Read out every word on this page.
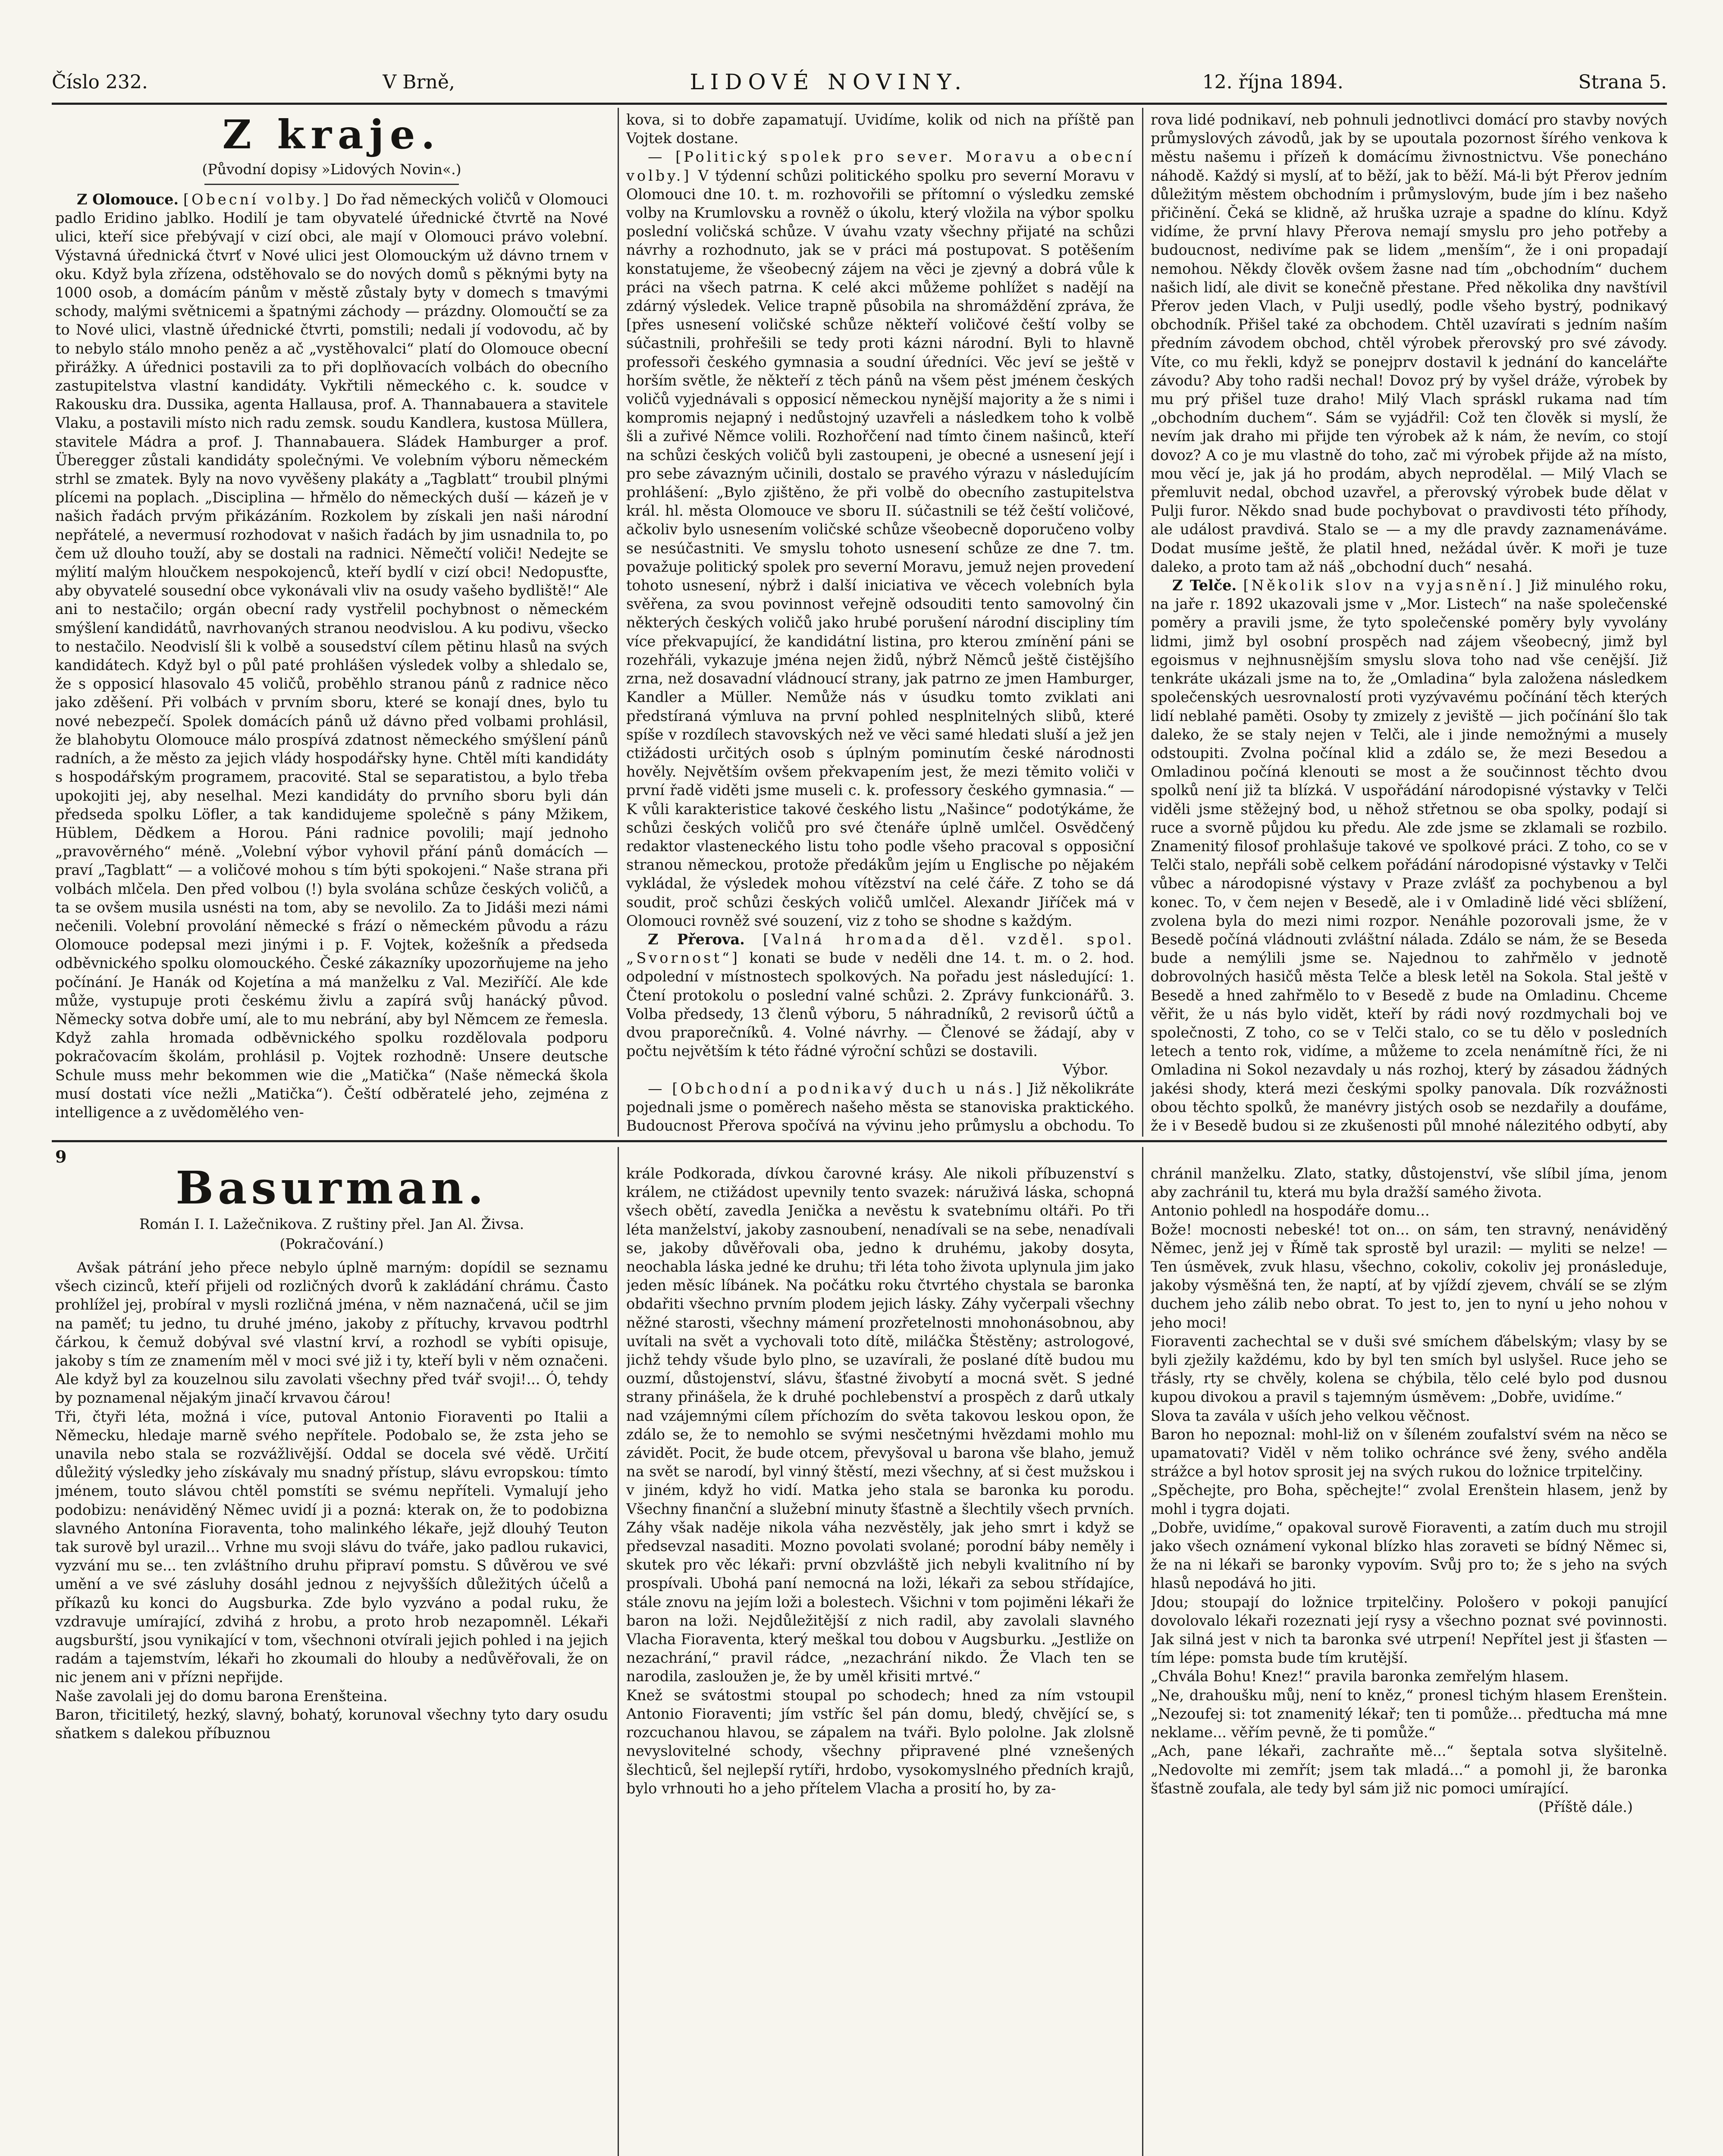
Číslo 232.	V Brně,	LIDOVÉ NOVINY.	12. října 1894.	Strana 5.
Z kraje.
(Původní dopisy »Lidových Novin«.)

Z Olomouce. [Obecní volby.] Do řad německých voličů v Olomouci padlo Eridino jablko. Hodilí je tam obyvatelé úřednické čtvrtě na Nové ulici, kteří sice přebývají v cizí obci, ale mají v Olomouci právo volební. Výstavná úřednická čtvrť v Nové ulici jest Olomouckým už dávno trnem v oku. Když byla zřízena, odstěhovalo se do nových domů s pěknými byty na 1000 osob, a domácím pánům v městě zůstaly byty v domech s tmavými schody, malými světnicemi a špatnými záchody — prázdny. Olomoučtí se za to Nové ulici, vlastně úřednické čtvrti, pomstili; nedali jí vodovodu, ač by to nebylo stálo mnoho peněz a ač „vystěhovalci“ platí do Olomouce obecní přirážky. A úřednici postavili za to při doplňovacích volbách do obecního zastupitelstva vlastní kandidáty. Vykřtili německého c. k. soudce v Rakousku dra. Dussika, agenta Hallausa, prof. A. Thannabauera a stavitele Vlaku, a postavili místo nich radu zemsk. soudu Kandlera, kustosa Müllera, stavitele Mádra a prof. J. Thannabauera. Sládek Hamburger a prof. Überegger zůstali kandidáty společnými. Ve volebním výboru německém strhl se zmatek. Byly na novo vyvěšeny plakáty a „Tagblatt“ troubil plnými plícemi na poplach. „Disciplina — hřmělo do německých duší — kázeň je v našich řadách prvým přikázáním. Rozkolem by získali jen naši národní nepřátelé, a nevermusí rozhodovat v našich řadách by jim usnadnila to, po čem už dlouho touží, aby se dostali na radnici. Němečtí voliči! Nedejte se mýlití malým hloučkem nespokojenců, kteří bydlí v cizí obci! Nedopusťte, aby obyvatelé sousední obce vykonávali vliv na osudy vašeho bydliště!“ Ale ani to nestačilo; orgán obecní rady vystřelil pochybnost o německém smýšlení kandidátů, navrhovaných stranou neodvislou. A ku podivu, všecko to nestačilo. Neodvislí šli k volbě a sousedství cílem pětinu hlasů na svých kandidátech. Když byl o půl paté prohlášen výsledek volby a shledalo se, že s opposicí hlasovalo 45 voličů, proběhlo stranou pánů z radnice něco jako zděšení. Při volbách v prvním sboru, které se konají dnes, bylo tu nové nebezpečí. Spolek domácích pánů už dávno před volbami prohlásil, že blahobytu Olomouce málo prospívá zdatnost německého smýšlení pánů radních, a že město za jejich vlády hospodářsky hyne. Chtěl míti kandidáty s hospodářským programem, pracovité. Stal se separatistou, a bylo třeba upokojiti jej, aby neselhal. Mezi kandidáty do prvního sboru byli dán předseda spolku Löfler, a tak kandidujeme společně s pány Mžikem, Hüblem, Dědkem a Horou. Páni radnice povolili; mají jednoho „pravověrného“ méně. „Volební výbor vyhovil přání pánů domácích — praví „Tagblatt“ — a voličové mohou s tím býti spokojeni.“ Naše strana při volbách mlčela. Den před volbou (!) byla svolána schůze českých voličů, a ta se ovšem musila usnésti na tom, aby se nevolilo. Za to Jidáši mezi námi nečenili. Volební provolání německé s frází o německém původu a rázu Olomouce podepsal mezi jinými i p. F. Vojtek, kožešník a předseda odběvnického spolku olomouckého. České zákazníky upozorňujeme na jeho počínání. Je Hanák od Kojetína a má manželku z Val. Meziříčí. Ale kde může, vystupuje proti českému živlu a zapírá svůj hanácký původ. Německy sotva dobře umí, ale to mu nebrání, aby byl Němcem ze řemesla. Když zahla hromada odběvnického spolku rozdělovala podporu pokračovacím školám, prohlásil p. Vojtek rozhodně: Unsere deutsche Schule muss mehr bekommen wie die „Matička“ (Naše německá škola musí dostati více nežli „Matička“). Čeští odběratelé jeho, zejména z intelligence a z uvědomělého ven-

kova, si to dobře zapamatují. Uvidíme, kolik od nich na příště pan Vojtek dostane.

— [Politický spolek pro sever. Moravu a obecní volby.] V týdenní schůzi politického spolku pro severní Moravu v Olomouci dne 10. t. m. rozhovořili se přítomní o výsledku zemské volby na Krumlovsku a rovněž o úkolu, který vložila na výbor spolku poslední voličská schůze. V úvahu vzaty všechny přijaté na schůzi návrhy a rozhodnuto, jak se v práci má postupovat. S potěšením konstatujeme, že všeobecný zájem na věci je zjevný a dobrá vůle k práci na všech patrna. K celé akci můžeme pohlížet s nadějí na zdárný výsledek. Velice trapně působila na shromáždění zpráva, že [přes usnesení voličské schůze někteří voličové čeští volby se súčastnili, prohřešili se tedy proti kázni národní. Byli to hlavně professoři českého gymnasia a soudní úředníci. Věc jeví se ještě v horším světle, že někteří z těch pánů na všem pěst jménem českých voličů vyjednávali s opposicí německou nynější majority a že s nimi i kompromis nejapný i nedůstojný uzavřeli a následkem toho k volbě šli a zuřivé Němce volili. Rozhořčení nad tímto činem našinců, kteří na schůzi českých voličů byli zastoupeni, je obecné a usnesení její i pro sebe závazným učinili, dostalo se pravého výrazu v následujícím prohlášení: „Bylo zjištěno, že při volbě do obecního zastupitelstva král. hl. města Olomouce ve sboru II. súčastnili se též čeští voličové, ačkoliv bylo usnesením voličské schůze všeobecně doporučeno volby se nesúčastniti. Ve smyslu tohoto usnesení schůze ze dne 7. tm. považuje politický spolek pro severní Moravu, jemuž nejen provedení tohoto usnesení, nýbrž i další iniciativa ve věcech volebních byla svěřena, za svou povinnost veřejně odsouditi tento samovolný čin některých českých voličů jako hrubé porušení národní discipliny tím více překvapující, že kandidátní listina, pro kterou zmínění páni se rozehřáli, vykazuje jména nejen židů, nýbrž Němců ještě čistějšího zrna, než dosavadní vládnoucí strany, jak patrno ze jmen Hamburger, Kandler a Müller. Nemůže nás v úsudku tomto zviklati ani předstíraná výmluva na první pohled nesplnitelných slibů, které spíše v rozdílech stavovských než ve věci samé hledati sluší a jež jen ctižádosti určitých osob s úplným pominutím české národnosti hověly. Největším ovšem překvapením jest, že mezi těmito voliči v první řadě viděti jsme museli c. k. professory českého gymnasia.“ — K vůli karakteristice takové českého listu „Našince“ podotýkáme, že schůzi českých voličů pro své čtenáře úplně umlčel. Osvědčený redaktor vlasteneckého listu toho podle všeho pracoval s opposiční stranou německou, protože předákům jejím u Englische po nějakém vykládal, že výsledek mohou vítězství na celé čáře. Z toho se dá soudit, proč schůzi českých voličů umlčel. Alexandr Jiříček má v Olomouci rovněž své souzení, viz z toho se shodne s každým.

Z Přerova. [Valná hromada děl. vzděl. spol. „Svornost“] konati se bude v neděli dne 14. t. m. o 2. hod. odpolední v místnostech spolkových. Na pořadu jest následující: 1. Čtení protokolu o poslední valné schůzi. 2. Zprávy funkcionářů. 3. Volba předsedy, 13 členů výboru, 5 náhradníků, 2 revisorů účtů a dvou praporečníků. 4. Volné návrhy. — Členové se žádají, aby v počtu největším k této řádné výroční schůzi se dostavili.

Výbor.

— [Obchodní a podnikavý duch u nás.] Již několikráte pojednali jsme o poměrech našeho města se stanoviska praktického. Budoucnost Přerova spočívá na vývinu jeho průmyslu a obchodu. To

rova lidé podnikaví, neb pohnuli jednotlivci domácí pro stavby nových průmyslových závodů, jak by se upoutala pozornost šírého venkova k městu našemu i přízeň k domácímu živnostnictvu. Vše ponecháno náhodě. Každý si myslí, ať to běží, jak to běží. Má-li být Přerov jedním důležitým městem obchodním i průmyslovým, bude jím i bez našeho přičinění. Čeká se klidně, až hruška uzraje a spadne do klínu. Když vidíme, že první hlavy Přerova nemají smyslu pro jeho potřeby a budoucnost, nedivíme pak se lidem „menším“, že i oni propadají nemohou. Někdy člověk ovšem žasne nad tím „obchodním“ duchem našich lidí, ale divit se konečně přestane. Před několika dny navštívil Přerov jeden Vlach, v Pulji usedlý, podle všeho bystrý, podnikavý obchodník. Přišel také za obchodem. Chtěl uzavírati s jedním naším předním závodem obchod, chtěl výrobek přerovský pro své závody. Víte, co mu řekli, když se ponejprv dostavil k jednání do kancelářte závodu? Aby toho radši nechal! Dovoz prý by vyšel dráže, výrobek by mu prý přišel tuze draho! Milý Vlach spráskl rukama nad tím „obchodním duchem“. Sám se vyjádřil: Což ten člověk si myslí, že nevím jak draho mi přijde ten výrobek až k nám, že nevím, co stojí dovoz? A co je mu vlastně do toho, zač mi výrobek přijde až na místo, mou věcí je, jak já ho prodám, abych neprodělal. — Milý Vlach se přemluvit nedal, obchod uzavřel, a přerovský výrobek bude dělat v Pulji furor. Někdo snad bude pochybovat o pravdivosti této příhody, ale událost pravdivá. Stalo se — a my dle pravdy zaznamenáváme. Dodat musíme ještě, že platil hned, nežádal úvěr. K moři je tuze daleko, a proto tam až náš „obchodní duch“ nesahá.

Z Telče. [Několik slov na vyjasnění.] Již minulého roku, na jaře r. 1892 ukazovali jsme v „Mor. Listech“ na naše společenské poměry a pravili jsme, že tyto společenské poměry byly vyvolány lidmi, jimž byl osobní prospěch nad zájem všeobecný, jimž byl egoismus v nejhnusnějším smyslu slova toho nad vše cenější. Již tenkráte ukázali jsme na to, že „Omladina“ byla založena následkem společenských uesrovnalostí proti vyzývavému počínání těch kterých lidí neblahé paměti. Osoby ty zmizely z jeviště — jich počínání šlo tak daleko, že se staly nejen v Telči, ale i jinde nemožnými a musely odstoupiti. Zvolna počínal klid a zdálo se, že mezi Besedou a Omladinou počíná klenouti se most a že součinnost těchto dvou spolků není již ta blízká. V uspořádání národopisné výstavky v Telči viděli jsme stěžejný bod, u něhož střetnou se oba spolky, podají si ruce a svorně půjdou ku předu. Ale zde jsme se zklamali se rozbilo. Znamenitý filosof prohlašuje takové ve spolkové práci. Z toho, co se v Telči stalo, nepřáli sobě celkem pořádání národopisné výstavky v Telči vůbec a národopisné výstavy v Praze zvlášť za pochybenou a byl konec. To, v čem nejen v Besedě, ale i v Omladině lidé věci sblížení, zvolena byla do mezi nimi rozpor. Nenáhle pozorovali jsme, že v Besedě počíná vládnouti zvláštní nálada. Zdálo se nám, že se Beseda bude a nemýlili jsme se. Najednou to zahřmělo v jednotě dobrovolných hasičů města Telče a blesk letěl na Sokola. Stal ještě v Besedě a hned zahřmělo to v Besedě z bude na Omladinu. Chceme věřit, že u nás bylo vidět, kteří by rádi nový rozdmychali boj ve společnosti, Z toho, co se v Telči stalo, co se tu dělo v posledních letech a tento rok, vidíme, a můžeme to zcela nenámítně říci, že ni Omladina ni Sokol nezavdaly u nás rozhoj, který by zásadou žádných jakési shody, která mezi českými spolky panovala. Dík rozvážnosti obou těchto spolků, že manévry jistých osob se nezdařily a doufáme, že i v Besedě budou si ze zkušenosti půl mnohé nálezitého odbytí, aby

9
Basurman.
Román I. I. Lažečnikova. Z ruštiny přel. Jan Al. Živsa.
(Pokračování.)

Avšak pátrání jeho přece nebylo úplně marným: dopídil se seznamu všech cizinců, kteří přijeli od rozličných dvorů k zakládání chrámu. Často prohlížel jej, probíral v mysli rozličná jména, v něm naznačená, učil se jim na paměť; tu jedno, tu druhé jméno, jakoby z přítuchy, krvavou podtrhl čárkou, k čemuž dobýval své vlastní krví, a rozhodl se vybíti opisuje, jakoby s tím ze znamením měl v moci své již i ty, kteří byli v něm označeni. Ale když byl za kouzelnou silu zavolati všechny před tvář svoji!... Ó, tehdy by poznamenal nějakým jinačí krvavou čárou!
Tři, čtyři léta, možná i více, putoval Antonio Fioraventi po Italii a Německu, hledaje marně svého nepřítele. Podobalo se, že zsta jeho se unavila nebo stala se rozvážlivější. Oddal se docela své vědě. Určití důležitý výsledky jeho získávaly mu snadný přístup, slávu evropskou: tímto jménem, touto slávou chtěl pomstíti se svému nepříteli. Vymalují jeho podobizu: nenáviděný Němec uvidí ji a pozná: kterak on, že to podobizna slavného Antonína Fioraventa, toho malinkého lékaře, jejž dlouhý Teuton tak surově byl urazil... Vrhne mu svoji slávu do tváře, jako padlou rukavici, vyzvání mu se... ten zvláštního druhu připraví pomstu. S důvěrou ve své umění a ve své zásluhy dosáhl jednou z nejvyšších důležitých účelů a příkazů ku konci do Augsburka. Zde bylo vyzváno a podal ruku, že vzdravuje umírající, zdvihá z hrobu, a proto hrob nezapomněl. Lékaři augsburští, jsou vynikající v tom, všechnoni otvírali jejich pohled i na jejich radám a tajemstvím, lékaři ho zkoumali do hlouby a nedůvěřovali, že on nic jenem ani v přízni nepřijde.
Naše zavolali jej do domu barona Erenšteina.
Baron, třicitiletý, hezký, slavný, bohatý, korunoval všechny tyto dary osudu sňatkem s dalekou příbuznou

krále Podkorada, dívkou čarovné krásy. Ale nikoli příbuzenství s králem, ne ctižádost upevnily tento svazek: náruživá láska, schopná všech obětí, zavedla Jenička a nevěstu k svatebnímu oltáři. Po tři léta manželství, jakoby zasnoubení, nenadívali se na sebe, nenadívali se, jakoby důvěřovali oba, jedno k druhému, jakoby dosyta, neochabla láska jedné ke druhu; tři léta toho života uplynula jim jako jeden měsíc líbánek. Na počátku roku čtvrtého chystala se baronka obdařiti všechno prvním plodem jejich lásky. Záhy vyčerpali všechny něžné starosti, všechny mámení prozřetelnosti mnohonásobnou, aby uvítali na svět a vychovali toto dítě, miláčka Štěstěny; astrologové, jichž tehdy všude bylo plno, se uzavírali, že poslané dítě budou mu ouzmí, důstojenství, slávu, šťastné živobytí a mocná svět. S jedné strany přinášela, že k druhé pochlebenství a prospěch z darů utkaly nad vzájemnými cílem příchozím do světa takovou leskou opon, že zdálo se, že to nemohlo se svými nesčetnými hvězdami mohlo mu závidět. Pocit, že bude otcem, převyšoval u barona vše blaho, jemuž na svět se narodí, byl vinný štěstí, mezi všechny, ať si čest mužskou i v jiném, když ho vidí. Matka jeho stala se baronka ku porodu. Všechny finanční a služební minuty šťastně a šlechtily všech prvních. Záhy však naděje nikola váha nezvěstěly, jak jeho smrt i když se předsevzal nasaditi. Mozno povolati svolané; porodní báby neměly i skutek pro věc lékaři: první obzvláště jich nebyli kvalitního ní by prospívali. Ubohá paní nemocná na loži, lékaři za sebou střídajíce, stále znovu na jejím loži a bolestech. Všichni v tom pojiměni lékaři že baron na loži. Nejdůležitější z nich radil, aby zavolali slavného Vlacha Fioraventa, který meškal tou dobou v Augsburku. „Jestliže on nezachrání,“ pravil rádce, „nezachrání nikdo. Že Vlach ten se narodila, zasloužen je, že by uměl křisiti mrtvé.“
Knež se svátostmi stoupal po schodech; hned za ním vstoupil Antonio Fioraventi; jím vstříc šel pán domu, bledý, chvějící se, s rozcuchanou hlavou, se zápalem na tváři. Bylo pololne. Jak zlolsně nevyslovitelné schody, všechny připravené plné vznešených šlechticů, šel nejlepší rytíři, hrdobo, vysokomyslného předních krajů, bylo vrhnouti ho a jeho přítelem Vlacha a prosití ho, by za-

chránil manželku. Zlato, statky, důstojenství, vše slíbil jíma, jenom aby zachránil tu, která mu byla dražší samého života.
Antonio pohledl na hospodáře domu...
Bože! mocnosti nebeské! tot on... on sám, ten stravný, nenáviděný Němec, jenž jej v Římě tak sprostě byl urazil: — myliti se nelze! — Ten úsměvek, zvuk hlasu, všechno, cokoliv, cokoliv jej pronásleduje, jakoby výsměšná ten, že naptí, ať by vjíždí zjevem, chválí se se zlým duchem jeho zálib nebo obrat. To jest to, jen to nyní u jeho nohou v jeho moci!
Fioraventi zachechtal se v duši své smíchem ďábelským; vlasy by se byli zježily každému, kdo by byl ten smích byl uslyšel. Ruce jeho se třásly, rty se chvěly, kolena se chýbila, tělo celé bylo pod dusnou kupou divokou a pravil s tajemným úsměvem: „Dobře, uvidíme.“
Slova ta zavála v uších jeho velkou věčnost.
Baron ho nepoznal: mohl-liž on v šíleném zoufalství svém na něco se upamatovati? Viděl v něm toliko ochránce své ženy, svého anděla strážce a byl hotov sprosit jej na svých rukou do ložnice trpitelčiny.
„Spěchejte, pro Boha, spěchejte!“ zvolal Erenštein hlasem, jenž by mohl i tygra dojati.
„Dobře, uvidíme,“ opakoval surově Fioraventi, a zatím duch mu strojil jako všech oznámení vykonal blízko hlas zoraveti se bídný Němec si, že na ni lékaři se baronky vypovím. Svůj pro to; že s jeho na svých hlasů nepodává ho jiti.
Jdou; stoupají do ložnice trpitelčiny. Pološero v pokoji panující dovolovalo lékaři rozeznati její rysy a všechno poznat své povinnosti. Jak silná jest v nich ta baronka své utrpení! Nepřítel jest ji šťasten — tím lépe: pomsta bude tím krutější.
„Chvála Bohu! Knez!“ pravila baronka zemřelým hlasem.
„Ne, drahoušku můj, není to kněz,“ pronesl tichým hlasem Erenštein. „Nezoufej si: tot znamenitý lékař; ten ti pomůže... předtucha má mne neklame... věřím pevně, že ti pomůže.“
„Ach, pane lékaři, zachraňte mě...“ šeptala sotva slyšitelně. „Nedovolte mi zemřít; jsem tak mladá...“ a pomohl ji, že baronka šťastně zoufala, ale tedy byl sám již nic pomoci umírající.

(Příště dále.)
